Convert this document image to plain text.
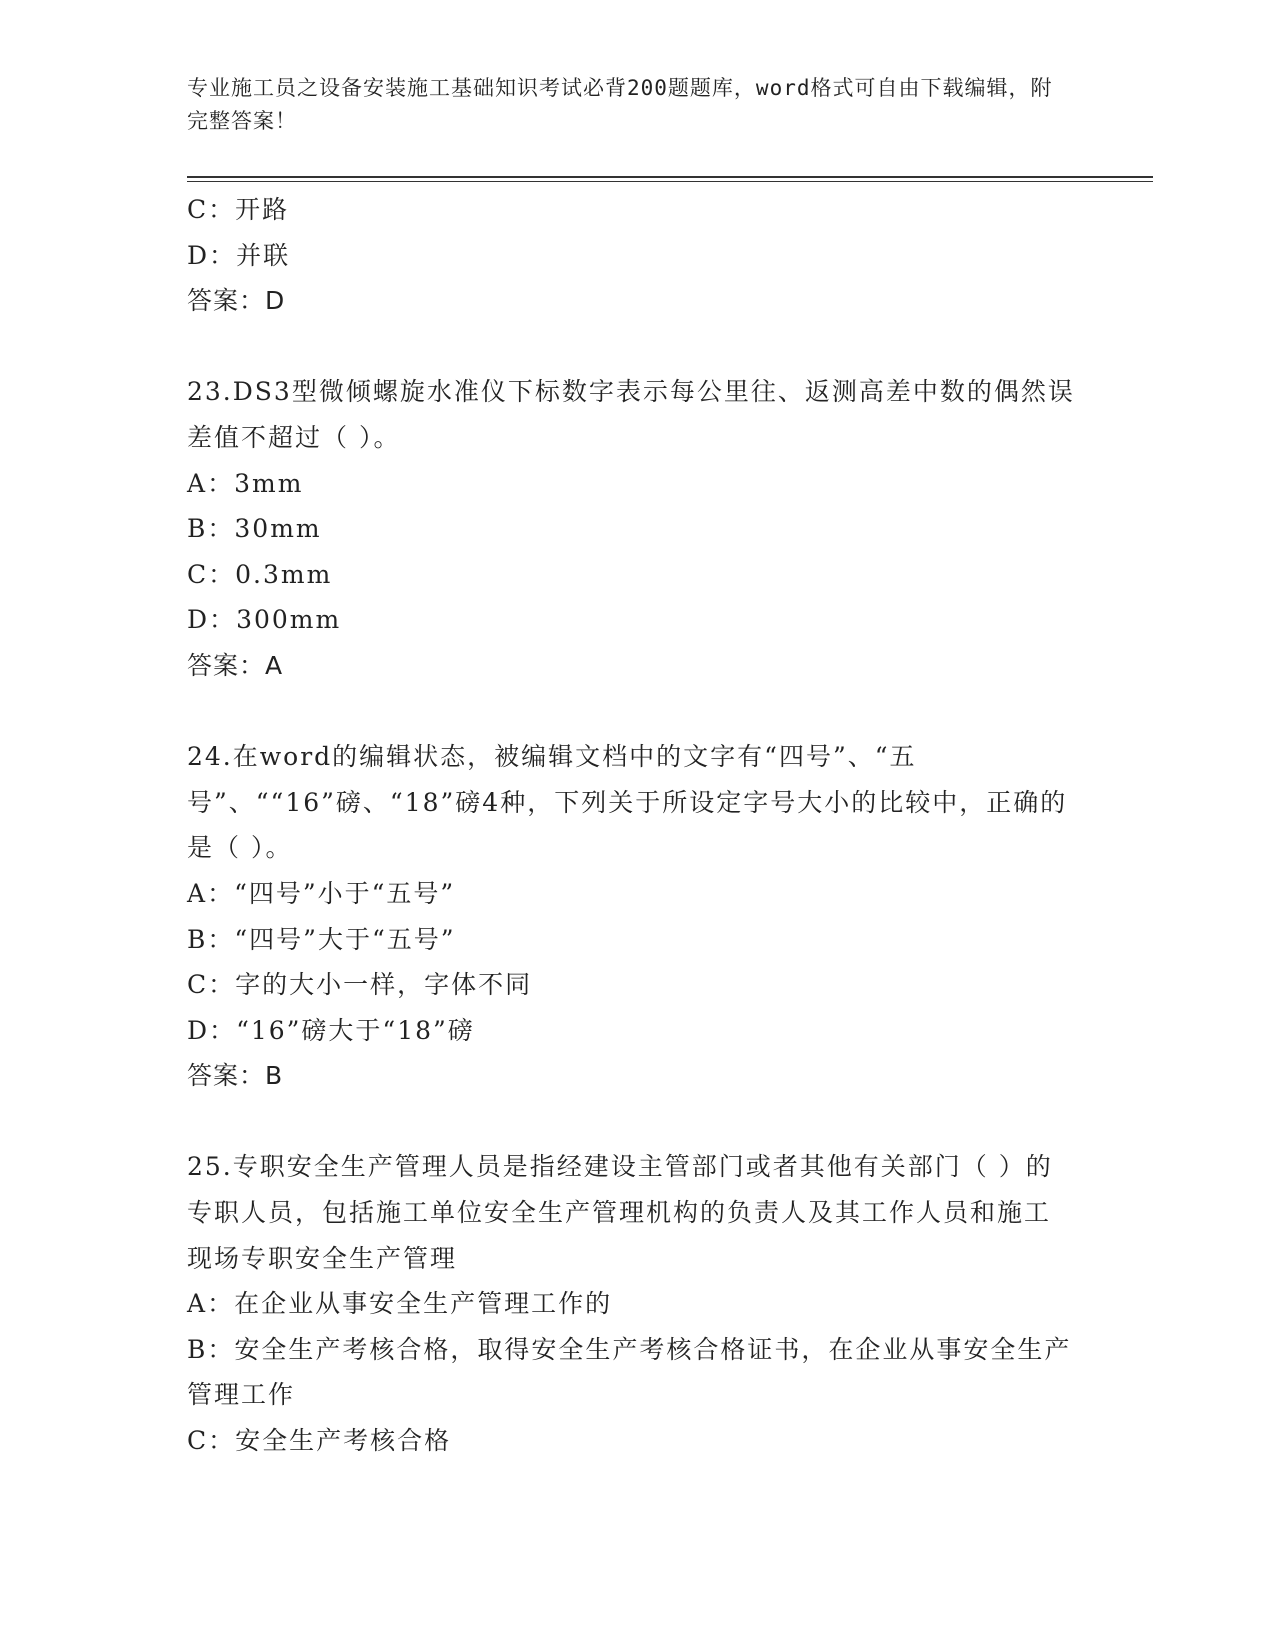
专业施工员之设备安装施工基础知识考试必背200题题库，word格式可自由下载编辑，附完整答案！
C：开路
D：并联
答案：D
23.DS3型微倾螺旋水准仪下标数字表示每公里往、返测高差中数的偶然误差值不超过（ ）。
A：3mm
B：30mm
C：0.3mm
D：300mm
答案：A
24.在word的编辑状态，被编辑文档中的文字有“四号”、“五号”、““16”磅、“18”磅4种，下列关于所设定字号大小的比较中，正确的是（ ）。
A：“四号”小于“五号”
B：“四号”大于“五号”
C：字的大小一样，字体不同
D：“16”磅大于“18”磅
答案：B
25.专职安全生产管理人员是指经建设主管部门或者其他有关部门（ ）的专职人员，包括施工单位安全生产管理机构的负责人及其工作人员和施工现场专职安全生产管理
A：在企业从事安全生产管理工作的
B：安全生产考核合格，取得安全生产考核合格证书，在企业从事安全生产管理工作
C：安全生产考核合格
